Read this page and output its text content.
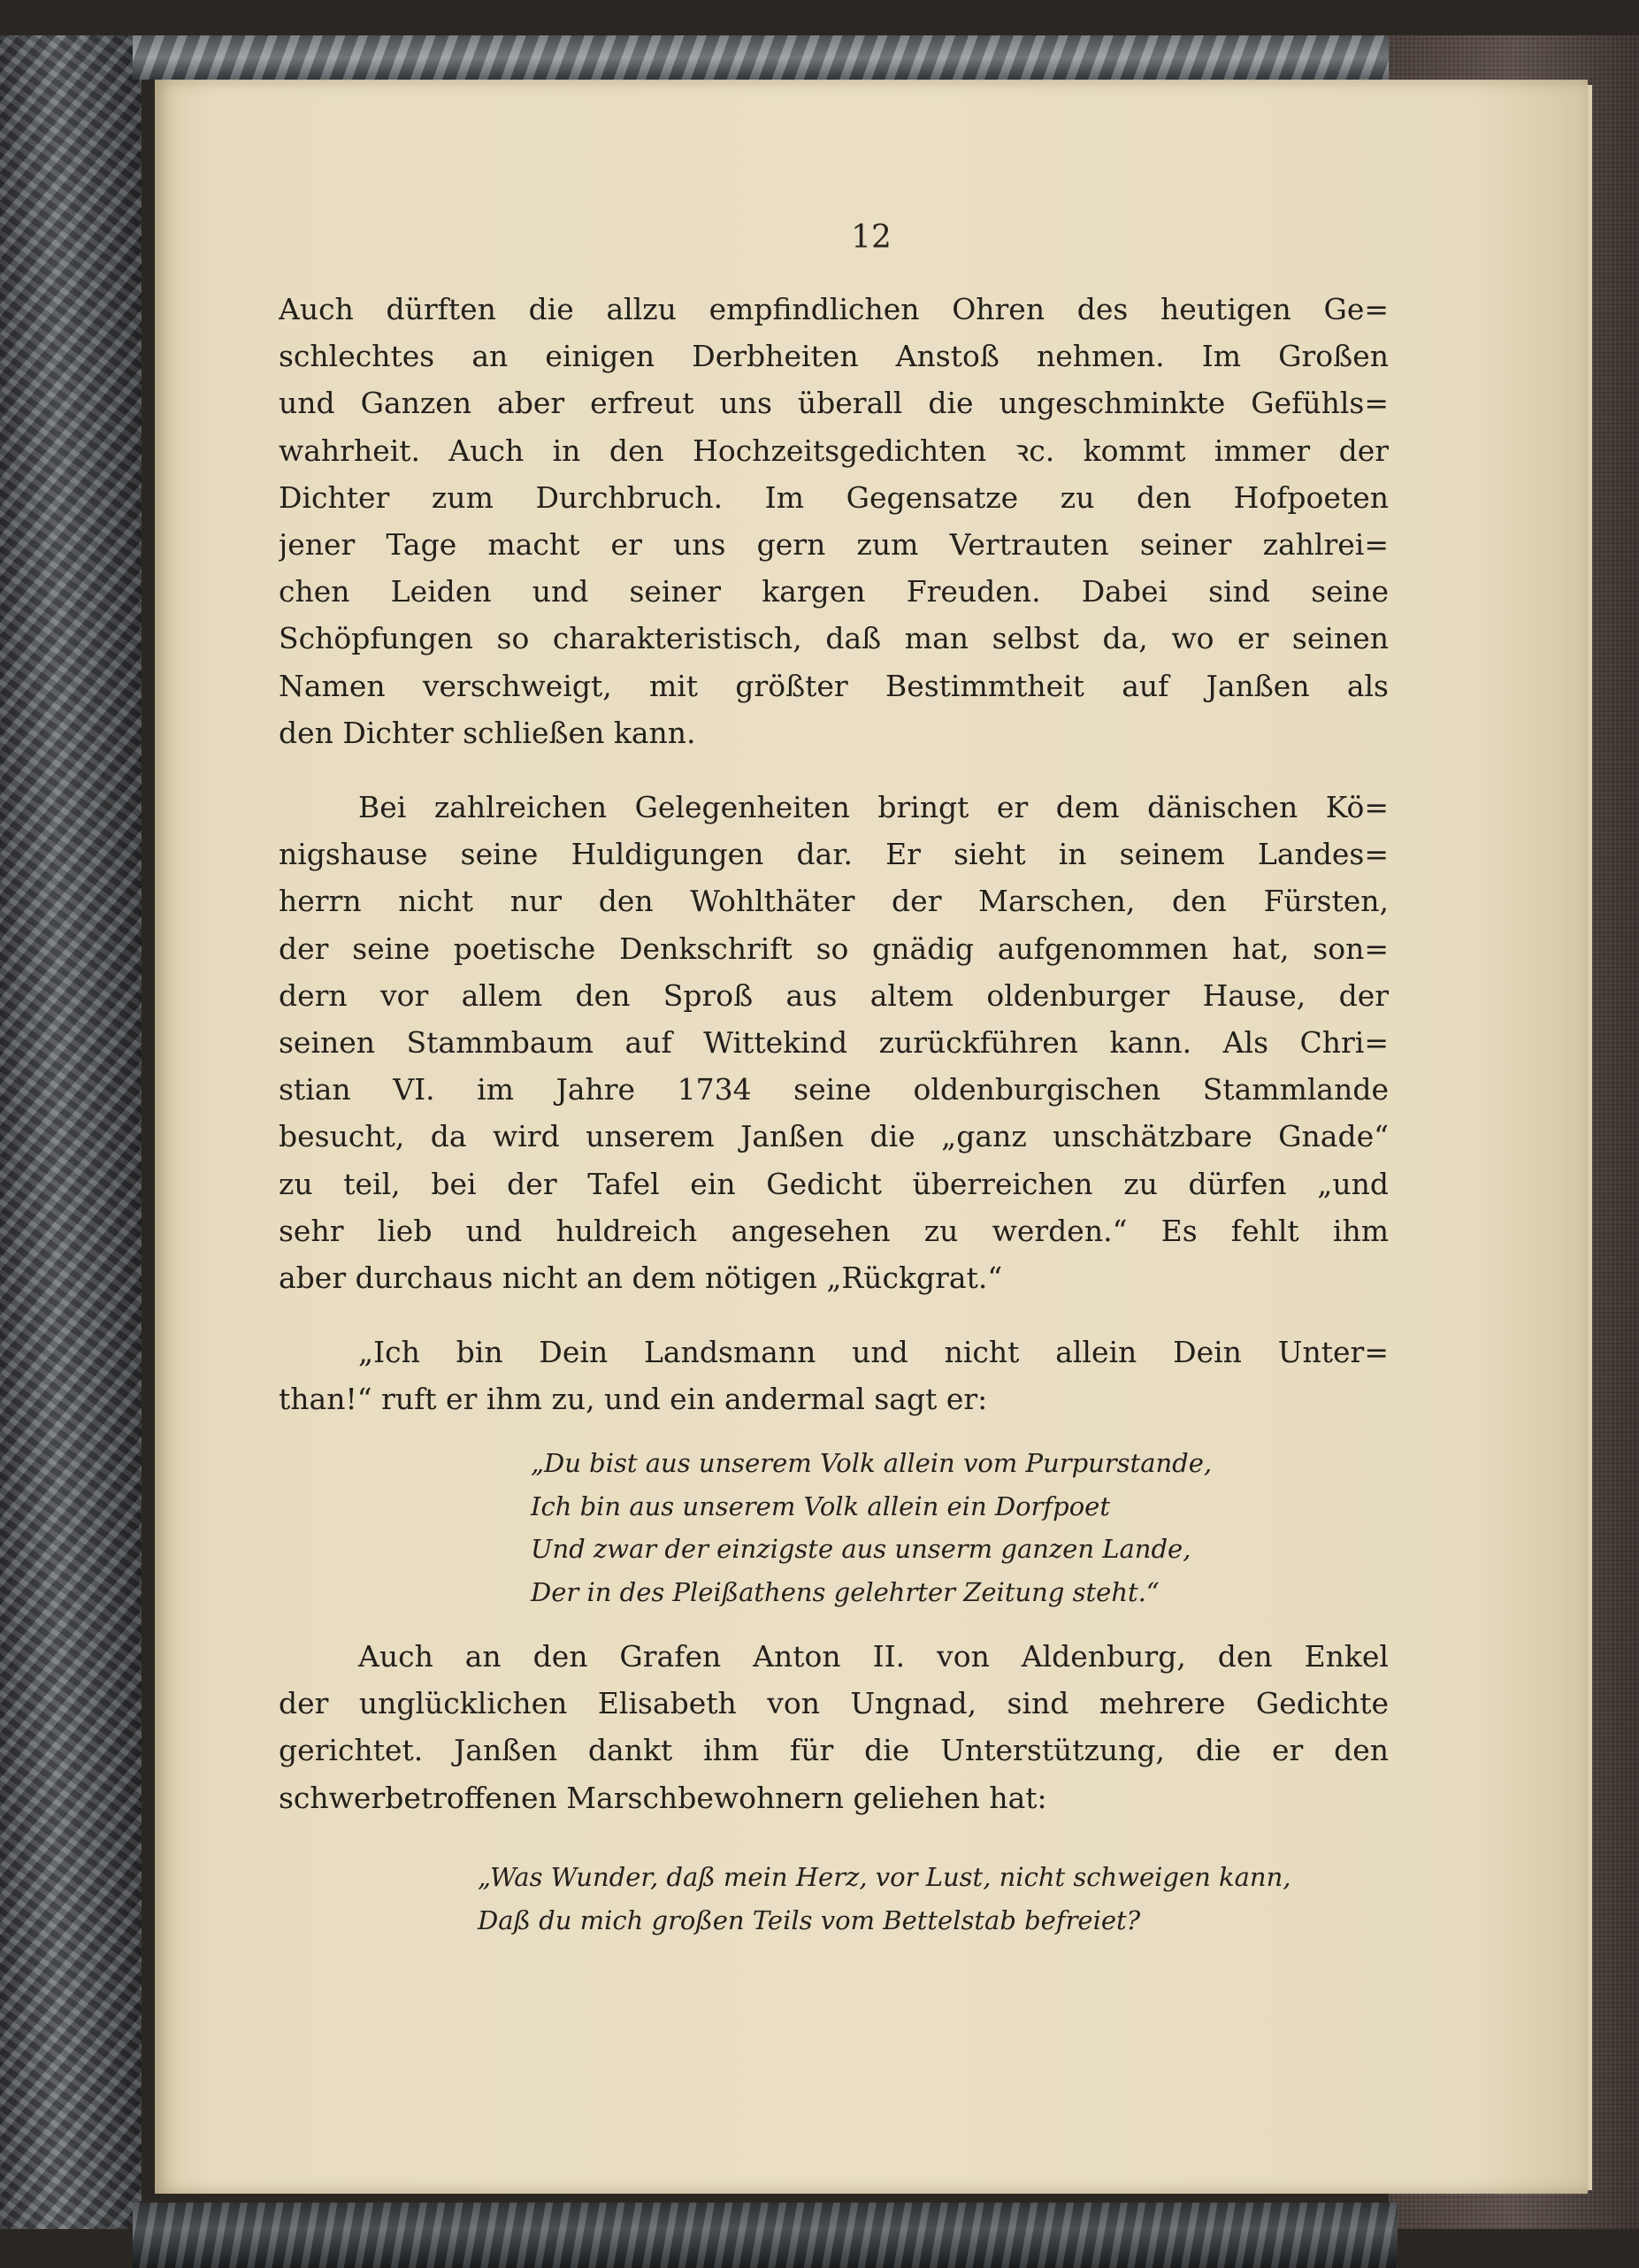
12

Auch dürften die allzu empfindlichen Ohren des heutigen Ge=
schlechtes an einigen Derbheiten Anstoß nehmen. Im Großen
und Ganzen aber erfreut uns überall die ungeschminkte Gefühls=
wahrheit. Auch in den Hochzeitsgedichten ꝛc. kommt immer der
Dichter zum Durchbruch. Im Gegensatze zu den Hofpoeten
jener Tage macht er uns gern zum Vertrauten seiner zahlrei=
chen Leiden und seiner kargen Freuden. Dabei sind seine
Schöpfungen so charakteristisch, daß man selbst da, wo er seinen
Namen verschweigt, mit größter Bestimmtheit auf Janßen als
den Dichter schließen kann.

Bei zahlreichen Gelegenheiten bringt er dem dänischen Kö=
nigshause seine Huldigungen dar. Er sieht in seinem Landes=
herrn nicht nur den Wohlthäter der Marschen, den Fürsten,
der seine poetische Denkschrift so gnädig aufgenommen hat, son=
dern vor allem den Sproß aus altem oldenburger Hause, der
seinen Stammbaum auf Wittekind zurückführen kann. Als Chri=
stian VI. im Jahre 1734 seine oldenburgischen Stammlande
besucht, da wird unserem Janßen die „ganz unschätzbare Gnade“
zu teil, bei der Tafel ein Gedicht überreichen zu dürfen „und
sehr lieb und huldreich angesehen zu werden.“ Es fehlt ihm
aber durchaus nicht an dem nötigen „Rückgrat.“

„Ich bin Dein Landsmann und nicht allein Dein Unter=
than!“ ruft er ihm zu, und ein andermal sagt er:

„Du bist aus unserem Volk allein vom Purpurstande,
Ich bin aus unserem Volk allein ein Dorfpoet
Und zwar der einzigste aus unserm ganzen Lande,
Der in des Pleißathens gelehrter Zeitung steht.“

Auch an den Grafen Anton II. von Aldenburg, den Enkel
der unglücklichen Elisabeth von Ungnad, sind mehrere Gedichte
gerichtet. Janßen dankt ihm für die Unterstützung, die er den
schwerbetroffenen Marschbewohnern geliehen hat:

„Was Wunder, daß mein Herz, vor Lust, nicht schweigen kann,
Daß du mich großen Teils vom Bettelstab befreiet?
